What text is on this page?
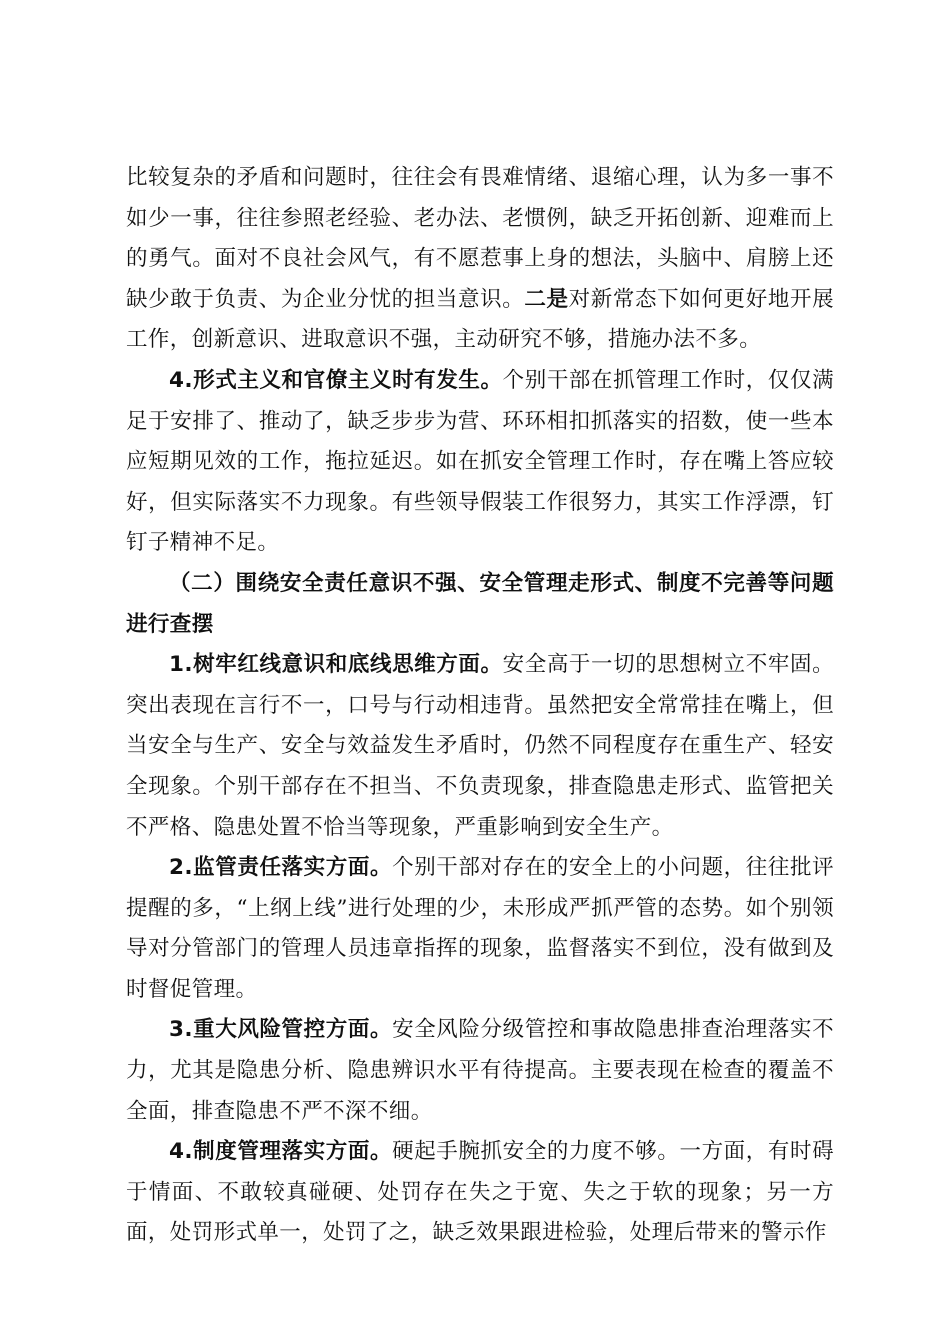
比较复杂的矛盾和问题时，往往会有畏难情绪、退缩心理，认为多一事不如少一事，往往参照老经验、老办法、老惯例，缺乏开拓创新、迎难而上的勇气。面对不良社会风气，有不愿惹事上身的想法，头脑中、肩膀上还缺少敢于负责、为企业分忧的担当意识。二是对新常态下如何更好地开展工作，创新意识、进取意识不强，主动研究不够，措施办法不多。

4.形式主义和官僚主义时有发生。个别干部在抓管理工作时，仅仅满足于安排了、推动了，缺乏步步为营、环环相扣抓落实的招数，使一些本应短期见效的工作，拖拉延迟。如在抓安全管理工作时，存在嘴上答应较好，但实际落实不力现象。有些领导假装工作很努力，其实工作浮漂，钉钉子精神不足。

（二）围绕安全责任意识不强、安全管理走形式、制度不完善等问题进行查摆

1.树牢红线意识和底线思维方面。安全高于一切的思想树立不牢固。突出表现在言行不一，口号与行动相违背。虽然把安全常常挂在嘴上，但当安全与生产、安全与效益发生矛盾时，仍然不同程度存在重生产、轻安全现象。个别干部存在不担当、不负责现象，排查隐患走形式、监管把关不严格、隐患处置不恰当等现象，严重影响到安全生产。

2.监管责任落实方面。个别干部对存在的安全上的小问题，往往批评提醒的多，“上纲上线”进行处理的少，未形成严抓严管的态势。如个别领导对分管部门的管理人员违章指挥的现象，监督落实不到位，没有做到及时督促管理。

3.重大风险管控方面。安全风险分级管控和事故隐患排查治理落实不力，尤其是隐患分析、隐患辨识水平有待提高。主要表现在检查的覆盖不全面，排查隐患不严不深不细。

4.制度管理落实方面。硬起手腕抓安全的力度不够。一方面，有时碍于情面、不敢较真碰硬、处罚存在失之于宽、失之于软的现象；另一方面，处罚形式单一，处罚了之，缺乏效果跟进检验，处理后带来的警示作
